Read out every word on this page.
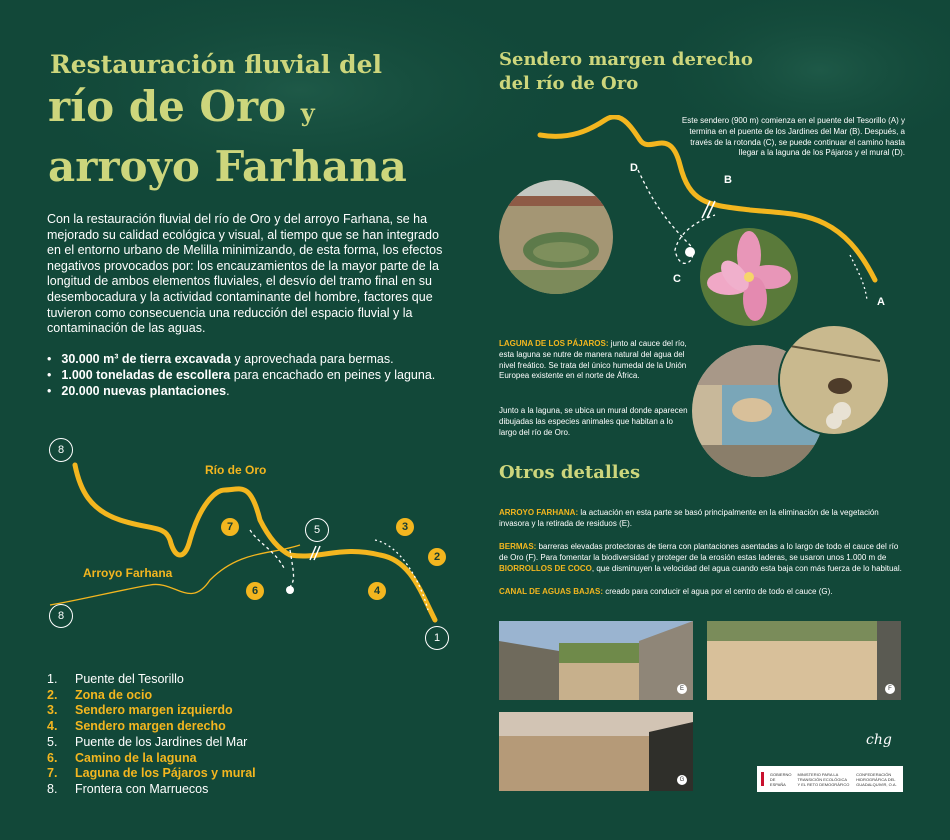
Restauración fluvial del
río de Oro y
arroyo Farhana
Con la restauración fluvial del río de Oro y del arroyo Farhana, se ha mejorado su calidad ecológica y visual, al tiempo que se han integrado en el entorno urbano de Melilla minimizando, de esta forma, los efectos negativos provocados por: los encauzamientos de la mayor parte de la longitud de ambos elementos fluviales, el desvío del tramo final en su desembocadura y la actividad contaminante del hombre, factores que tuvieron como consecuencia una reducción del espacio fluvial y la contaminación de las aguas.
• 30.000 m³ de tierra excavada y aprovechada para bermas.
• 1.000 toneladas de escollera para encachado en peines y laguna.
• 20.000 nuevas plantaciones.
Río de Oro
Arroyo Farhana
1
2
3
4
5
6
7
8
8
1.	Puente del Tesorillo
2.	Zona de ocio
3.	Sendero margen izquierdo
4.	Sendero margen derecho
5.	Puente de los Jardines del Mar
6.	Camino de la laguna
7.	Laguna de los Pájaros y mural
8.	Frontera con Marruecos
Sendero margen derecho
del río de Oro
Este sendero (900 m) comienza en el puente del Tesorillo (A) y termina en el puente de los Jardines del Mar (B). Después, a través de la rotonda (C), se puede continuar el camino hasta llegar a la laguna de los Pájaros y el mural (D).
D
B
C
A
LAGUNA DE LOS PÁJAROS: junto al cauce del río, esta laguna se nutre de manera natural del agua del nivel freático. Se trata del único humedal de la Unión Europea existente en el norte de África.
Junto a la laguna, se ubica un mural donde aparecen dibujadas las especies animales que habitan a lo largo del río de Oro.
Otros detalles
ARROYO FARHANA: la actuación en esta parte se basó principalmente en la eliminación de la vegetación invasora y la retirada de residuos (E).
BERMAS: barreras elevadas protectoras de tierra con plantaciones asentadas a lo largo de todo el cauce del río de Oro (F). Para fomentar la biodiversidad y proteger de la erosión estas laderas, se usaron unos 1.000 m de BIORROLLOS DE COCO, que disminuyen la velocidad del agua cuando esta baja con más fuerza de lo habitual.
CANAL DE AGUAS BAJAS: creado para conducir el agua por el centro de todo el cauce (G).
E	F
G
chg
GOBIERNO DE ESPAÑA
MINISTERIO PARA LA TRANSICIÓN ECOLÓGICA Y EL RETO DEMOGRÁFICO
CONFEDERACIÓN HIDROGRÁFICA DEL GUADALQUIVIR, O.A.
